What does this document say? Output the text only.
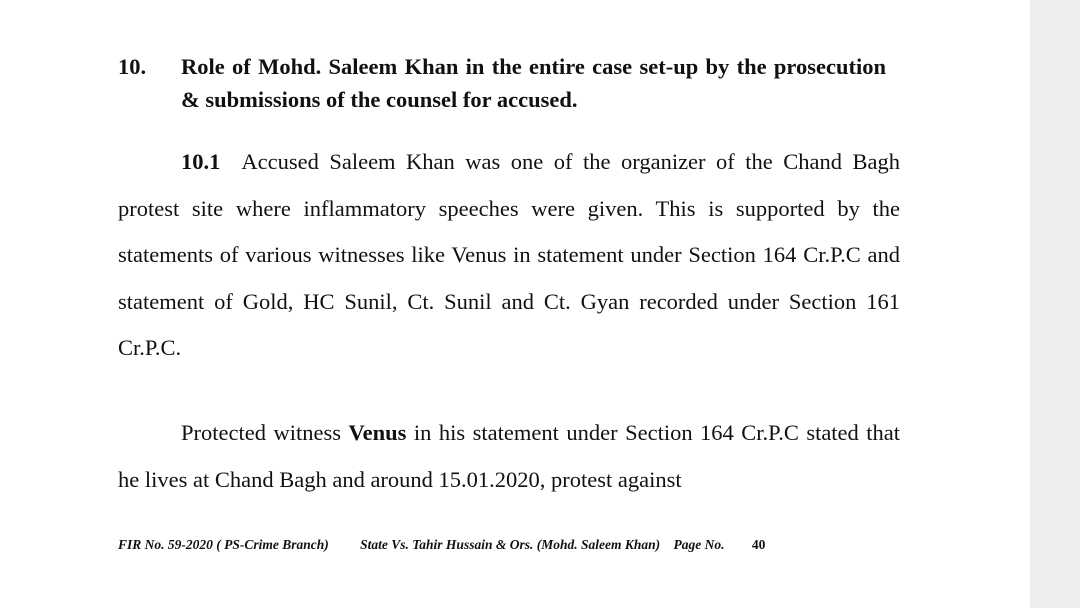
10. Role of Mohd. Saleem Khan in the entire case set-up by the prosecution & submissions of the counsel for accused.
10.1 Accused Saleem Khan was one of the organizer of the Chand Bagh protest site where inflammatory speeches were given. This is supported by the statements of various witnesses like Venus in statement under Section 164 Cr.P.C and statement of Gold, HC Sunil, Ct. Sunil and Ct. Gyan recorded under Section 161 Cr.P.C.
Protected witness Venus in his statement under Section 164 Cr.P.C stated that he lives at Chand Bagh and around 15.01.2020, protest against
FIR No. 59-2020 ( PS-Crime Branch) State Vs. Tahir Hussain & Ors. (Mohd. Saleem Khan) Page No. 40
